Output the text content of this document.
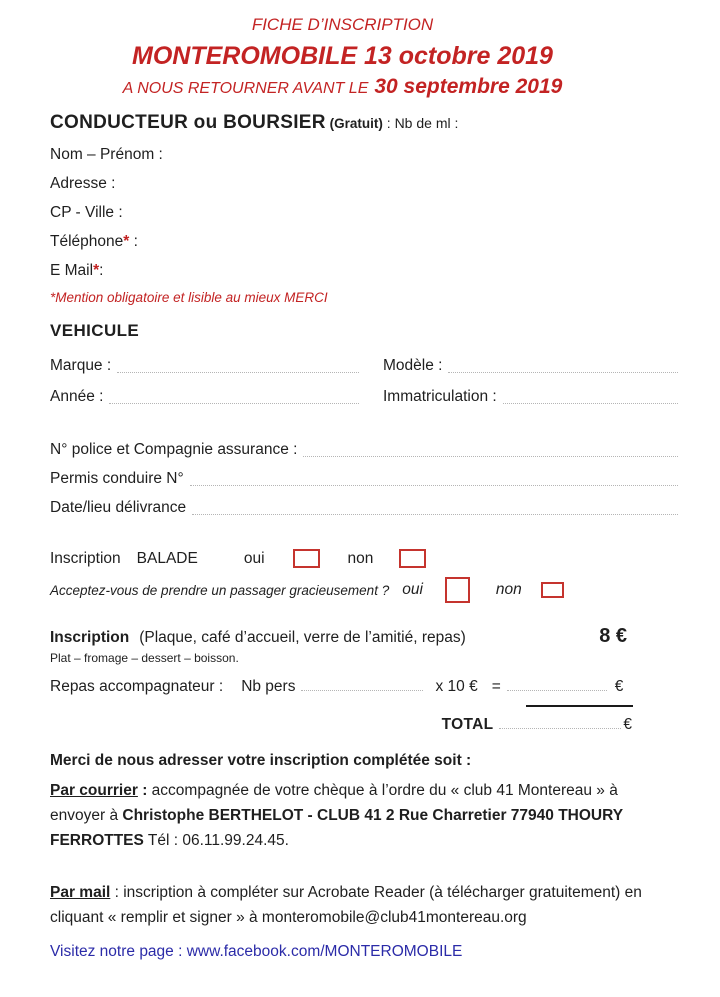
FICHE D’INSCRIPTION
MONTEROMOBILE 13 octobre 2019
A NOUS RETOURNER AVANT LE 30 septembre 2019
CONDUCTEUR ou BOURSIER (Gratuit) : Nb de ml :
Nom – Prénom :
Adresse :
CP - Ville :
Téléphone* :
E Mail*:
*Mention obligatoire et lisible au mieux MERCI
VEHICULE
Marque :	Modèle :
Année :	Immatriculation :
N° police et Compagnie assurance :
Permis conduire N°
Date/lieu délivrance
Inscription BALADE	oui	non
Acceptez-vous de prendre un passager gracieusement ? oui	non
Inscription (Plaque, café d’accueil, verre de l’amitié, repas)	8 €
Plat – fromage – dessert – boisson.
Repas accompagnateur : Nb pers	x 10 € =	€
TOTAL	€
Merci de nous adresser votre inscription complétée soit :
Par courrier : accompagnée de votre chèque à l’ordre du « club 41 Montereau » à envoyer à Christophe BERTHELOT - CLUB 41 2 Rue Charretier 77940 THOURY FERROTTES Tél : 06.11.99.24.45.
Par mail : inscription à compléter sur Acrobate Reader (à télécharger gratuitement) en cliquant « remplir et signer » à monteromobile@club41montereau.org
Visitez notre page : www.facebook.com/MONTEROMOBILE
